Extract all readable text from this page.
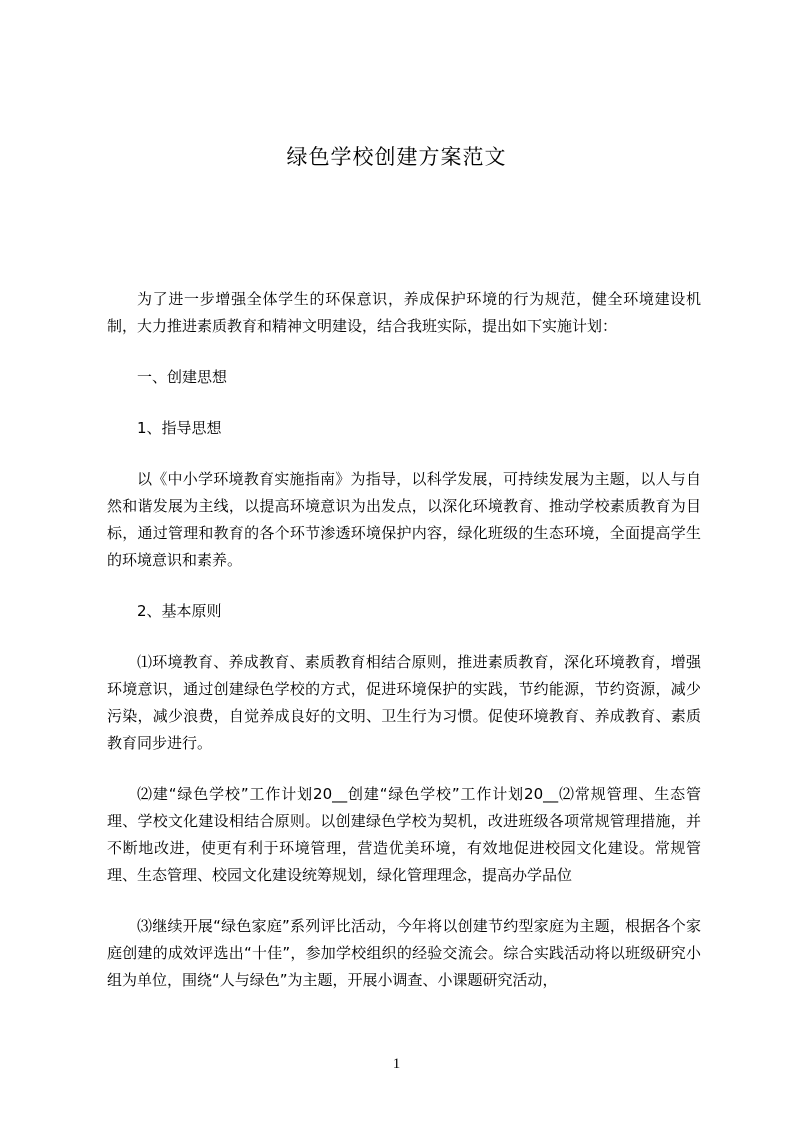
绿色学校创建方案范文

为了进一步增强全体学生的环保意识，养成保护环境的行为规范，健全环境建设机制，大力推进素质教育和精神文明建设，结合我班实际，提出如下实施计划：

一、创建思想

1、指导思想

以《中小学环境教育实施指南》为指导，以科学发展，可持续发展为主题，以人与自然和谐发展为主线，以提高环境意识为出发点，以深化环境教育、推动学校素质教育为目标，通过管理和教育的各个环节渗透环境保护内容，绿化班级的生态环境，全面提高学生的环境意识和素养。

2、基本原则

⑴环境教育、养成教育、素质教育相结合原则，推进素质教育，深化环境教育，增强环境意识，通过创建绿色学校的方式，促进环境保护的实践，节约能源，节约资源，减少污染，减少浪费，自觉养成良好的文明、卫生行为习惯。促使环境教育、养成教育、素质教育同步进行。

⑵建“绿色学校”工作计划20__创建“绿色学校”工作计划20__⑵常规管理、生态管理、学校文化建设相结合原则。以创建绿色学校为契机，改进班级各项常规管理措施，并不断地改进，使更有利于环境管理，营造优美环境，有效地促进校园文化建设。常规管理、生态管理、校园文化建设统筹规划，绿化管理理念，提高办学品位

⑶继续开展“绿色家庭”系列评比活动，今年将以创建节约型家庭为主题，根据各个家庭创建的成效评选出“十佳”，参加学校组织的经验交流会。综合实践活动将以班级研究小组为单位，围绕“人与绿色”为主题，开展小调查、小课题研究活动，

1
